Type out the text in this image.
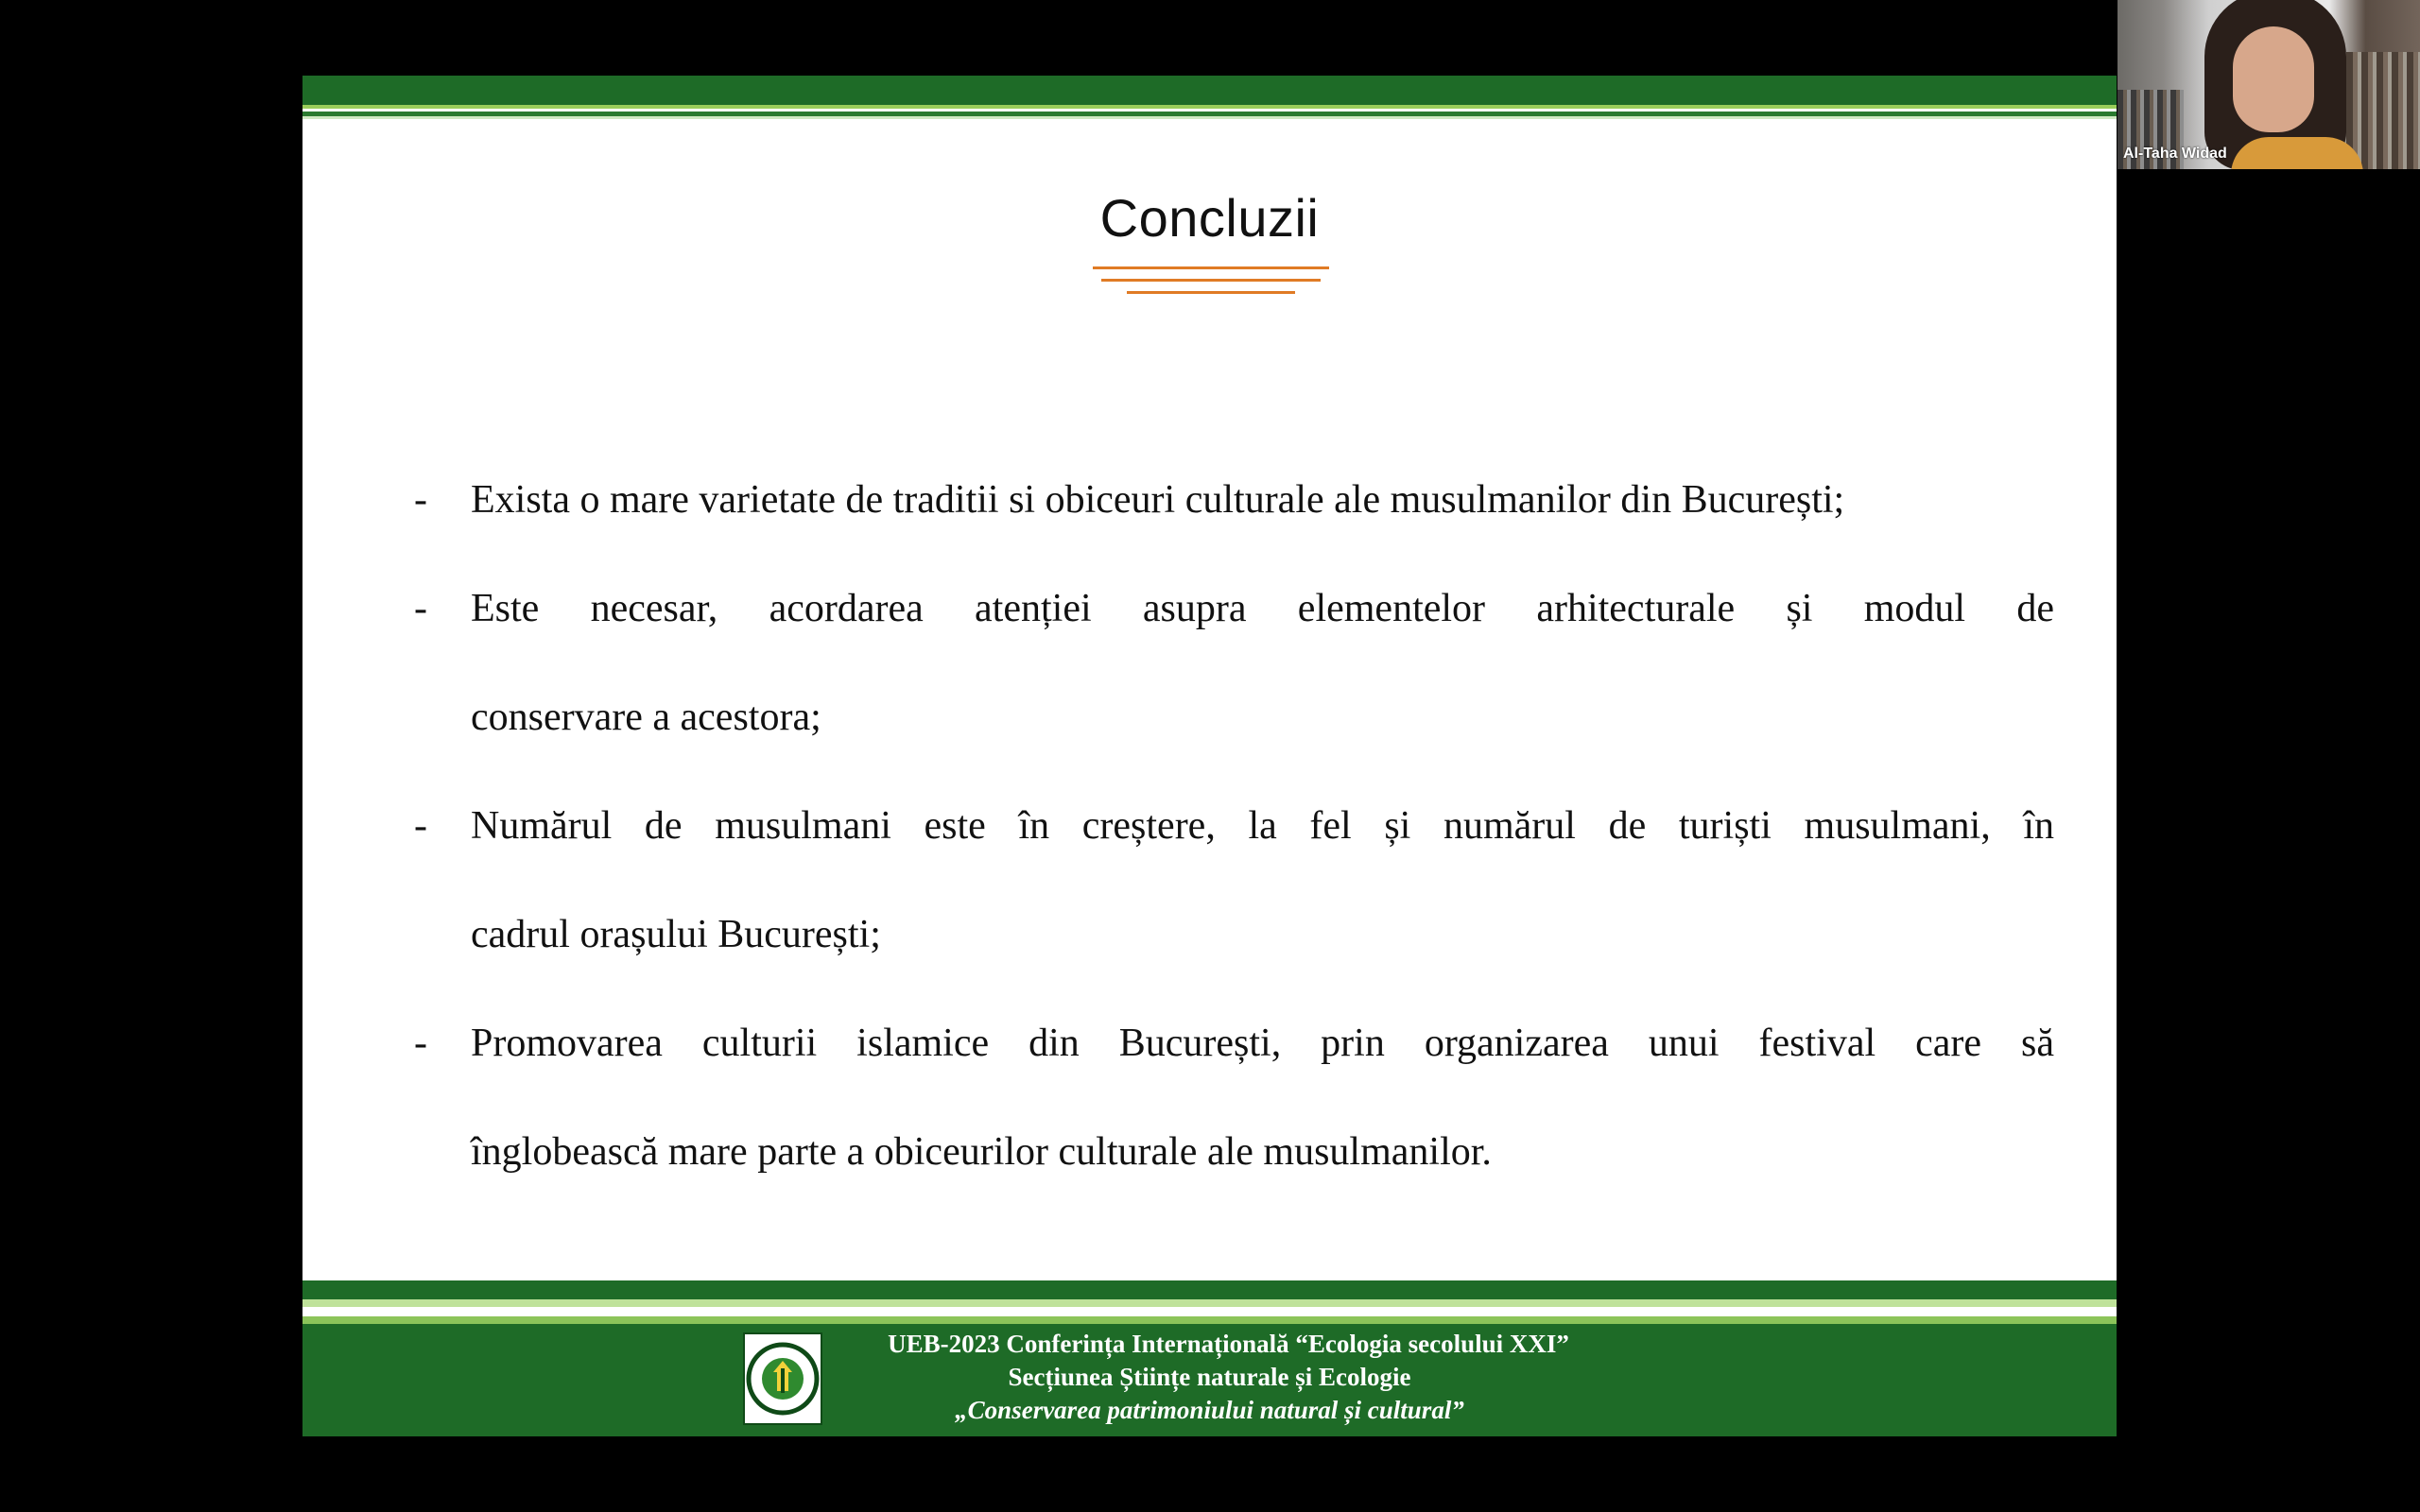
Concluzii
- Exista o mare varietate de traditii si obiceuri culturale ale musulmanilor din București;
- Este necesar, acordarea atenției asupra elementelor arhitecturale și modul de
conservare a acestora;
- Numărul de musulmani este în creștere, la fel și numărul de turiști musulmani, în
cadrul orașului București;
- Promovarea culturii islamice din București, prin organizarea unui festival care să
înglobească mare parte a obiceurilor culturale ale musulmanilor.
UEB-2023 Conferința Internațională “Ecologia secolului XXI”
Secțiunea Științe naturale și Ecologie
„Conservarea patrimoniului natural și cultural”
Al-Taha Widad
